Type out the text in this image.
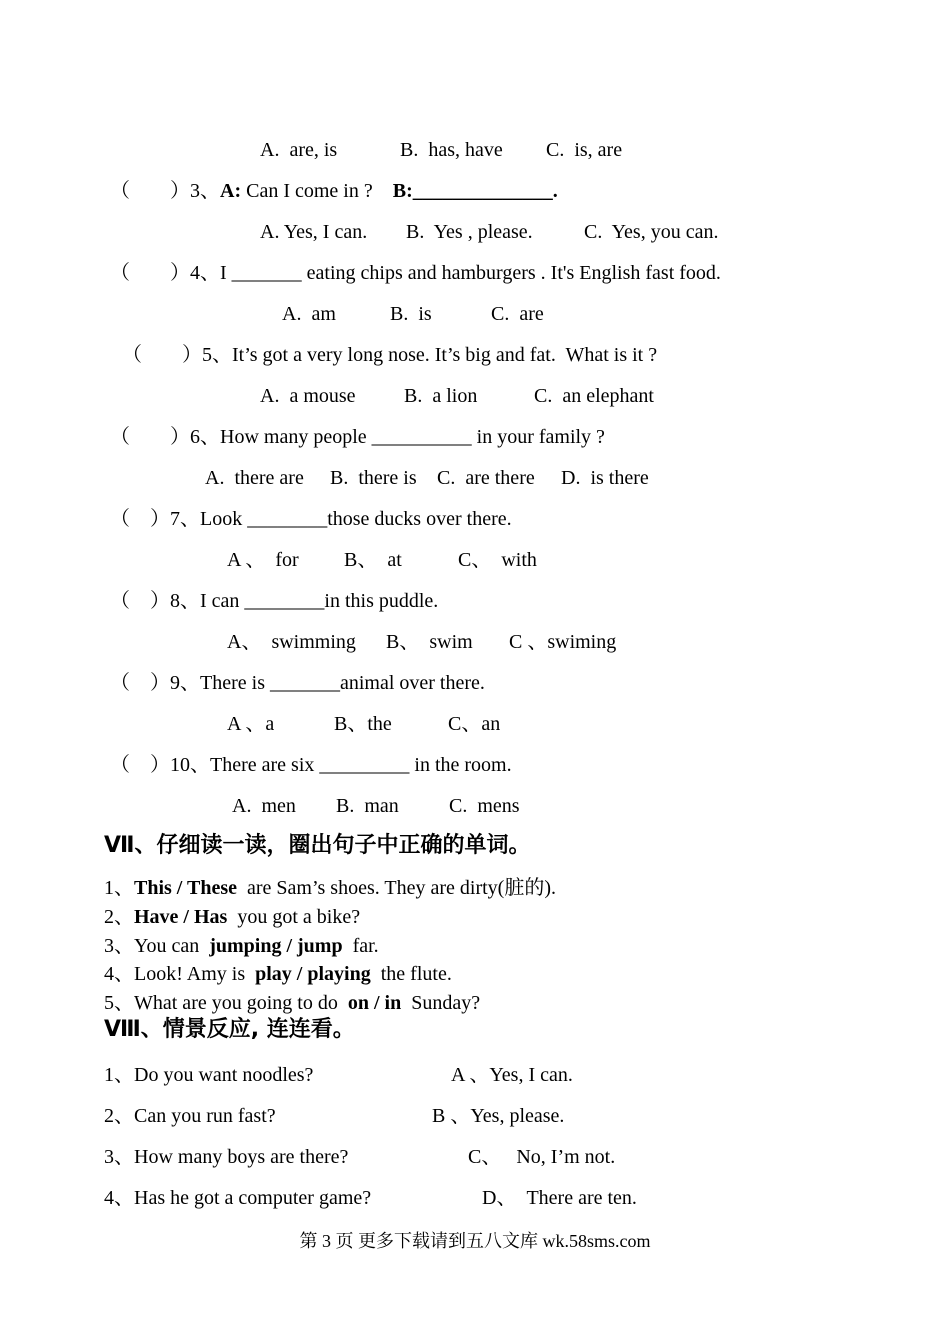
A.  are, is	B.  has, have C.  is, are
（        ）3、A: Can I come in ?    B:______________.
A. Yes, I can. B.  Yes , please.	C.  Yes, you can.
（        ）4、I _______ eating chips and hamburgers . It's English fast food.
A.  am	B.  is	C.  are
（        ）5、It’s got a very long nose. It’s big and fat.  What is it ?
A.  a mouse B.  a lion	C.  an elephant
（        ）6、How many people __________ in your family ?
A.  there are B.  there is C.  are there D.  is there
（    ）7、Look ________those ducks over there.
A 、  for B、  at	C、  with
（    ）8、I can ________in this puddle.
A、  swimming B、  swim C 、swiming
（    ）9、There is _______animal over there.
A 、a	B、the	C、an
（    ）10、There are six _________ in the room.
A.  men B.  man	C.  mens
Ⅶ、仔细读一读，圈出句子中正确的单词。
1、This / These  are Sam’s shoes. They are dirty(脏的).
2、Have / Has  you got a bike?
3、You can  jumping / jump  far.
4、Look! Amy is  play / playing  the flute.
5、What are you going to do  on / in  Sunday?
Ⅷ、情景反应, 连连看。
1、Do you want noodles?	A 、Yes, I can.
2、Can you run fast?	B 、Yes, please.
3、How many boys are there?	C、   No, I’m not.
4、Has he got a computer game?	D、  There are ten.
第 3 页 更多下载请到五八文库 wk.58sms.com
